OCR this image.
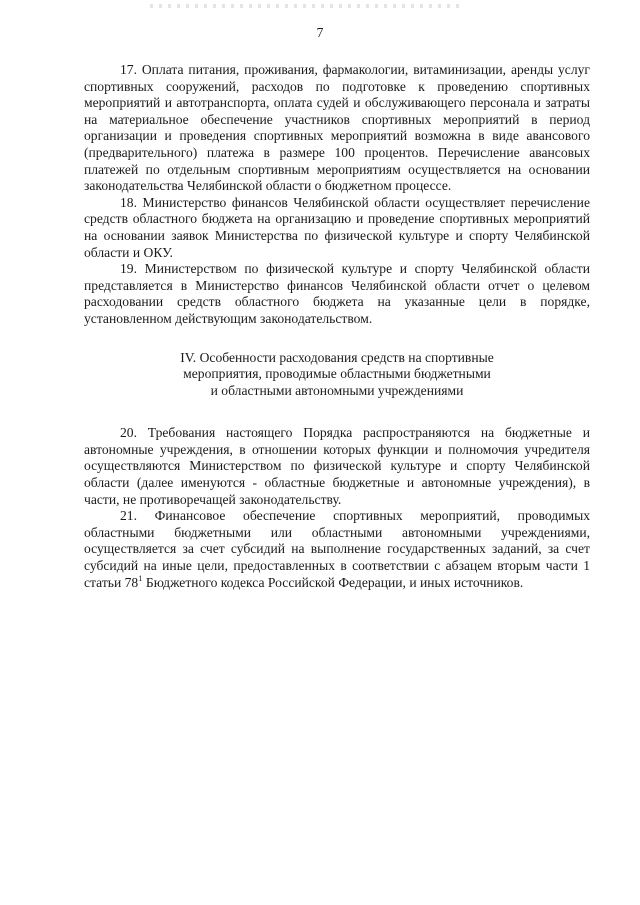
7

17. Оплата питания, проживания, фармакологии, витаминизации, аренды услуг спортивных сооружений, расходов по подготовке к проведению спортивных мероприятий и автотранспорта, оплата судей и обслуживающего персонала и затраты на материальное обеспечение участников спортивных мероприятий в период организации и проведения спортивных мероприятий возможна в виде авансового (предварительного) платежа в размере 100 процентов. Перечисление авансовых платежей по отдельным спортивным мероприятиям осуществляется на основании законодательства Челябинской области о бюджетном процессе.

18. Министерство финансов Челябинской области осуществляет перечисление средств областного бюджета на организацию и проведение спортивных мероприятий на основании заявок Министерства по физической культуре и спорту Челябинской области и ОКУ.

19. Министерством по физической культуре и спорту Челябинской области представляется в Министерство финансов Челябинской области отчет о целевом расходовании средств областного бюджета на указанные цели в порядке, установленном действующим законодательством.

IV. Особенности расходования средств на спортивные
мероприятия, проводимые областными бюджетными
и областными автономными учреждениями

20. Требования настоящего Порядка распространяются на бюджетные и автономные учреждения, в отношении которых функции и полномочия учредителя осуществляются Министерством по физической культуре и спорту Челябинской области (далее именуются - областные бюджетные и автономные учреждения), в части, не противоречащей законодательству.

21. Финансовое обеспечение спортивных мероприятий, проводимых областными бюджетными или областными автономными учреждениями, осуществляется за счет субсидий на выполнение государственных заданий, за счет субсидий на иные цели, предоставленных в соответствии с абзацем вторым части 1 статьи 78$^1$ Бюджетного кодекса Российской Федерации, и иных источников.
